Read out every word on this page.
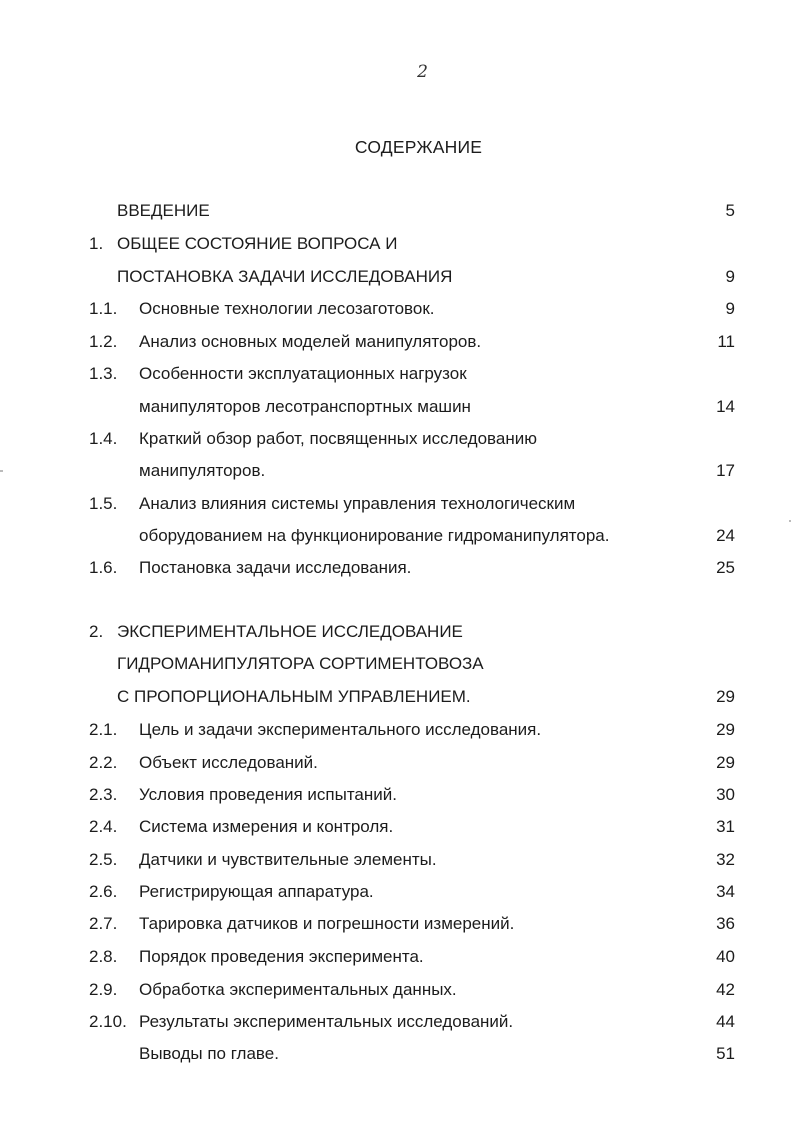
2
СОДЕРЖАНИЕ
ВВЕДЕНИЕ	5
1. ОБЩЕЕ СОСТОЯНИЕ ВОПРОСА И
ПОСТАНОВКА ЗАДАЧИ ИССЛЕДОВАНИЯ	9
1.1. Основные технологии лесозаготовок.	9
1.2. Анализ основных моделей манипуляторов.	11
1.3. Особенности эксплуатационных нагрузок
манипуляторов лесотранспортных машин	14
1.4. Краткий обзор работ, посвященных исследованию
манипуляторов.	17
1.5. Анализ влияния системы управления технологическим
оборудованием на функционирование гидроманипулятора.	24
1.6. Постановка задачи исследования.	25
2. ЭКСПЕРИМЕНТАЛЬНОЕ ИССЛЕДОВАНИЕ
ГИДРОМАНИПУЛЯТОРА СОРТИМЕНТОВОЗА
С ПРОПОРЦИОНАЛЬНЫМ УПРАВЛЕНИЕМ.	29
2.1. Цель и задачи экспериментального исследования.	29
2.2. Объект исследований.	29
2.3. Условия проведения испытаний.	30
2.4. Система измерения и контроля.	31
2.5. Датчики и чувствительные элементы.	32
2.6. Регистрирующая аппаратура.	34
2.7. Тарировка датчиков и погрешности измерений.	36
2.8. Порядок проведения эксперимента.	40
2.9. Обработка экспериментальных данных.	42
2.10. Результаты экспериментальных исследований.	44
Выводы по главе.	51
